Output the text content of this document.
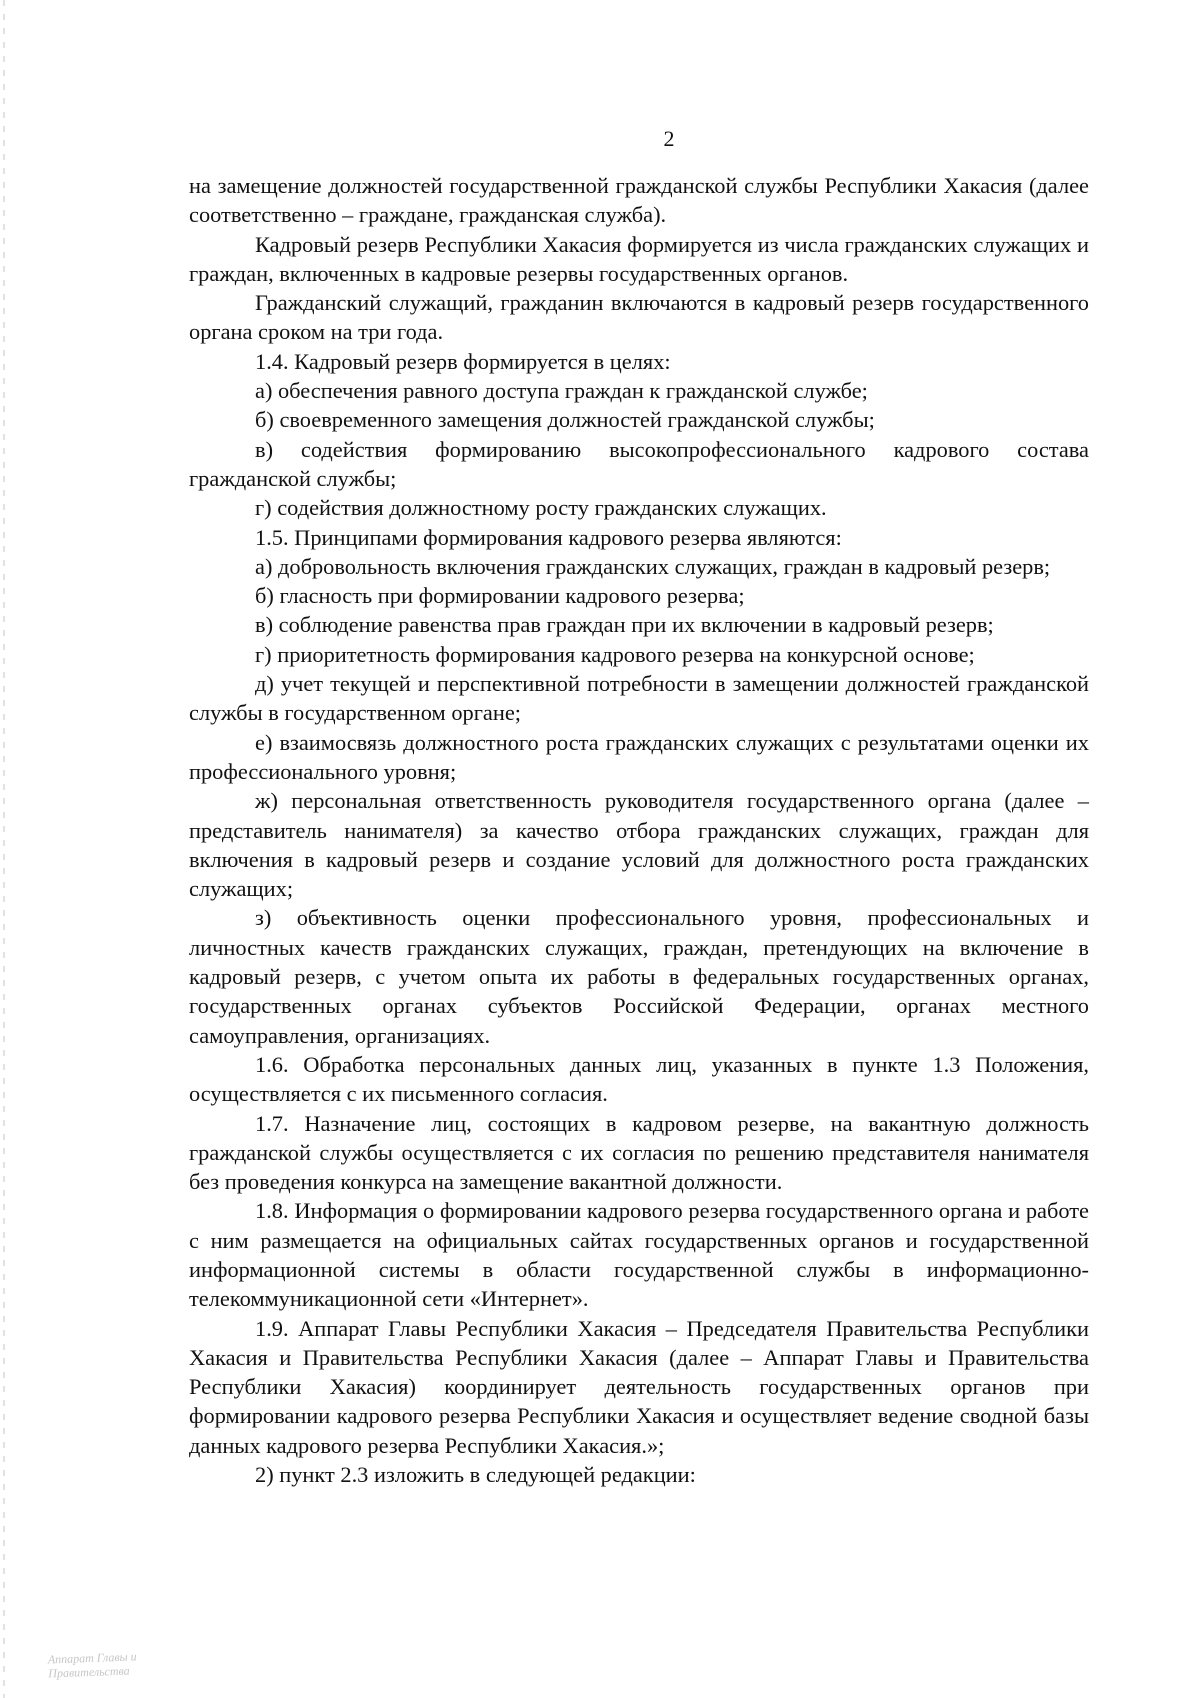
2

на замещение должностей государственной гражданской службы Республики Хакасия (далее соответственно – граждане, гражданская служба).

Кадровый резерв Республики Хакасия формируется из числа гражданских служащих и граждан, включенных в кадровые резервы государственных органов.

Гражданский служащий, гражданин включаются в кадровый резерв государственного органа сроком на три года.

1.4. Кадровый резерв формируется в целях:

а) обеспечения равного доступа граждан к гражданской службе;

б) своевременного замещения должностей гражданской службы;

в) содействия формированию высокопрофессионального кадрового состава гражданской службы;

г) содействия должностному росту гражданских служащих.

1.5. Принципами формирования кадрового резерва являются:

а) добровольность включения гражданских служащих, граждан в кадровый резерв;

б) гласность при формировании кадрового резерва;

в) соблюдение равенства прав граждан при их включении в кадровый резерв;

г) приоритетность формирования кадрового резерва на конкурсной основе;

д) учет текущей и перспективной потребности в замещении должностей гражданской службы в государственном органе;

е) взаимосвязь должностного роста гражданских служащих с результатами оценки их профессионального уровня;

ж) персональная ответственность руководителя государственного органа (далее – представитель нанимателя) за качество отбора гражданских служащих, граждан для включения в кадровый резерв и создание условий для должностного роста гражданских служащих;

з) объективность оценки профессионального уровня, профессиональных и личностных качеств гражданских служащих, граждан, претендующих на включение в кадровый резерв, с учетом опыта их работы в федеральных государственных органах, государственных органах субъектов Российской Федерации, органах местного самоуправления, организациях.

1.6. Обработка персональных данных лиц, указанных в пункте 1.3 Положения, осуществляется с их письменного согласия.

1.7. Назначение лиц, состоящих в кадровом резерве, на вакантную должность гражданской службы осуществляется с их согласия по решению представителя нанимателя без проведения конкурса на замещение вакантной должности.

1.8. Информация о формировании кадрового резерва государственного органа и работе с ним размещается на официальных сайтах государственных органов и государственной информационной системы в области государственной службы в информационно-телекоммуникационной сети «Интернет».

1.9. Аппарат Главы Республики Хакасия – Председателя Правительства Республики Хакасия и Правительства Республики Хакасия (далее – Аппарат Главы и Правительства Республики Хакасия) координирует деятельность государственных органов при формировании кадрового резерва Республики Хакасия и осуществляет ведение сводной базы данных кадрового резерва Республики Хакасия.»;

2) пункт 2.3 изложить в следующей редакции:

Аппарат Главы и Правительства
